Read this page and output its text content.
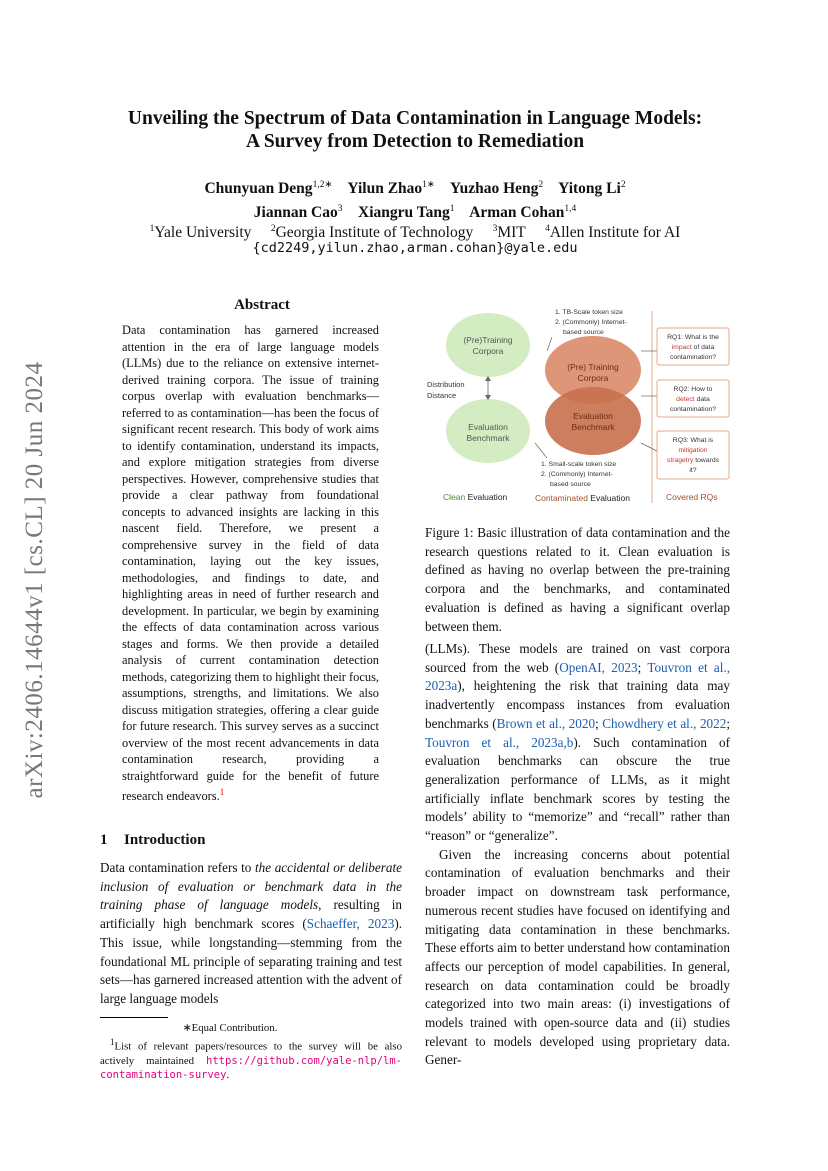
arXiv:2406.14644v1 [cs.CL] 20 Jun 2024
Unveiling the Spectrum of Data Contamination in Language Models:
A Survey from Detection to Remediation
Chunyuan Deng$^{1,2∗}$ Yilun Zhao$^{1∗}$ Yuzhao Heng$^2$ Yitong Li$^2$
Jiannan Cao$^3$ Xiangru Tang$^1$ Arman Cohan$^{1,4}$
$^1$Yale University $^2$Georgia Institute of Technology $^3$MIT $^4$Allen Institute for AI
{cd2249,yilun.zhao,arman.cohan}@yale.edu
Abstract
Data contamination has garnered increased attention in the era of large language models (LLMs) due to the reliance on extensive internet-derived training corpora. The issue of training corpus overlap with evaluation benchmarks—referred to as contamination—has been the focus of significant recent research. This body of work aims to identify contamination, understand its impacts, and explore mitigation strategies from diverse perspectives. However, comprehensive studies that provide a clear pathway from foundational concepts to advanced insights are lacking in this nascent field. Therefore, we present a comprehensive survey in the field of data contamination, laying out the key issues, methodologies, and findings to date, and highlighting areas in need of further research and development. In particular, we begin by examining the effects of data contamination across various stages and forms. We then provide a detailed analysis of current contamination detection methods, categorizing them to highlight their focus, assumptions, strengths, and limitations. We also discuss mitigation strategies, offering a clear guide for future research. This survey serves as a succinct overview of the most recent advancements in data contamination research, providing a straightforward guide for the benefit of future research endeavors.$^1$
1 Introduction
Data contamination refers to the accidental or deliberate inclusion of evaluation or benchmark data in the training phase of language models, resulting in artificially high benchmark scores (Schaeffer, 2023). This issue, while longstanding—stemming from the foundational ML principle of separating training and test sets—has garnered increased attention with the advent of large language models

∗Equal Contribution.

$^1$List of relevant papers/resources to the survey will be also actively maintained https://github.com/yale-nlp/lm-contamination-survey.

(Pre)Training
Corpora
Evaluation
Benchmark
Distribution
Distance
(Pre) Training
Corpora
Evaluation
Benchmark
1. TB-Scale token size
2. (Commonly) Internet-
based source
1. Small-scale token size
2. (Commonly) Internet-
based source
RQ1: What is the
impact of data
contamination?
RQ2: How to
detect data
contamination?
RQ3: What is
mitigation
stragetry towards
it?
Clean Evaluation	Contaminated Evaluation	Covered RQs
Figure 1: Basic illustration of data contamination and the research questions related to it. Clean evaluation is defined as having no overlap between the pre-training corpora and the benchmarks, and contaminated evaluation is defined as having a significant overlap between them.

(LLMs). These models are trained on vast corpora sourced from the web (OpenAI, 2023; Touvron et al., 2023a), heightening the risk that training data may inadvertently encompass instances from evaluation benchmarks (Brown et al., 2020; Chowdhery et al., 2022; Touvron et al., 2023a,b). Such contamination of evaluation benchmarks can obscure the true generalization performance of LLMs, as it might artificially inflate benchmark scores by testing the models’ ability to “memorize” and “recall” rather than “reason” or “generalize”.

Given the increasing concerns about potential contamination of evaluation benchmarks and their broader impact on downstream task performance, numerous recent studies have focused on identifying and mitigating data contamination in these benchmarks. These efforts aim to better understand how contamination affects our perception of model capabilities. In general, research on data contamination could be broadly categorized into two main areas: (i) investigations of models trained with open-source data and (ii) studies relevant to models developed using proprietary data. Gener-
